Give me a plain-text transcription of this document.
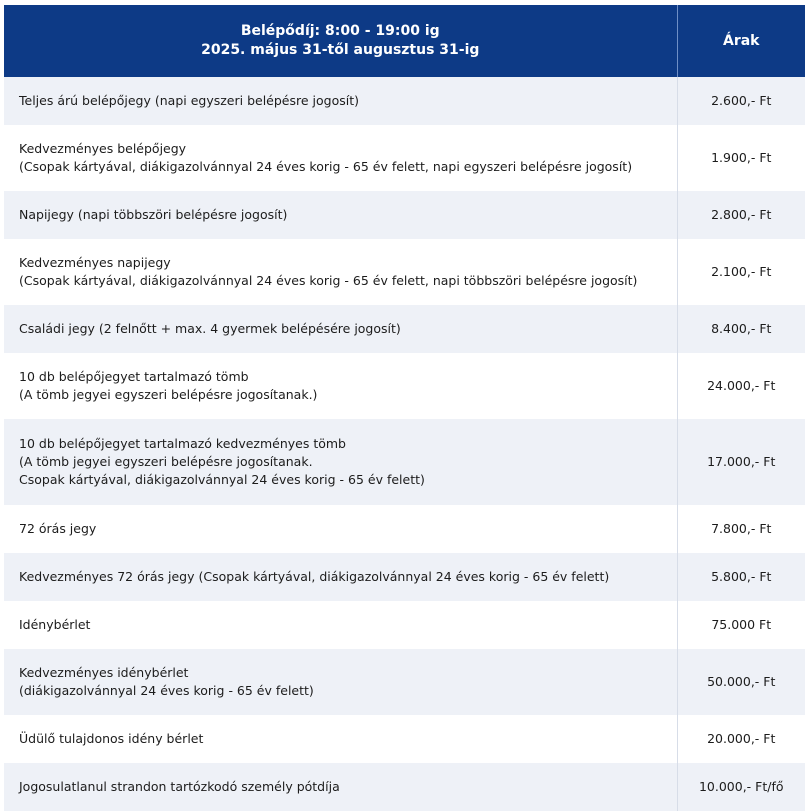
Belépődíj: 8:00 - 19:00 ig
2025. május 31-től augusztus 31-ig	Árak

Teljes árú belépőjegy (napi egyszeri belépésre jogosít)	2.600,- Ft

Kedvezményes belépőjegy
(Csopak kártyával, diákigazolvánnyal 24 éves korig - 65 év felett, napi egyszeri belépésre jogosít)	1.900,- Ft

Napijegy (napi többszöri belépésre jogosít)	2.800,- Ft

Kedvezményes napijegy
(Csopak kártyával, diákigazolvánnyal 24 éves korig - 65 év felett, napi többszöri belépésre jogosít)	2.100,- Ft

Családi jegy (2 felnőtt + max. 4 gyermek belépésére jogosít)	8.400,- Ft

10 db belépőjegyet tartalmazó tömb
(A tömb jegyei egyszeri belépésre jogosítanak.)	24.000,- Ft

10 db belépőjegyet tartalmazó kedvezményes tömb
(A tömb jegyei egyszeri belépésre jogosítanak.
Csopak kártyával, diákigazolvánnyal 24 éves korig - 65 év felett)	17.000,- Ft

72 órás jegy	7.800,- Ft

Kedvezményes 72 órás jegy (Csopak kártyával, diákigazolvánnyal 24 éves korig - 65 év felett)	5.800,- Ft

Idénybérlet	75.000 Ft

Kedvezményes idénybérlet
(diákigazolvánnyal 24 éves korig - 65 év felett)	50.000,- Ft

Üdülő tulajdonos idény bérlet	20.000,- Ft

Jogosulatlanul strandon tartózkodó személy pótdíja	10.000,- Ft/fő
